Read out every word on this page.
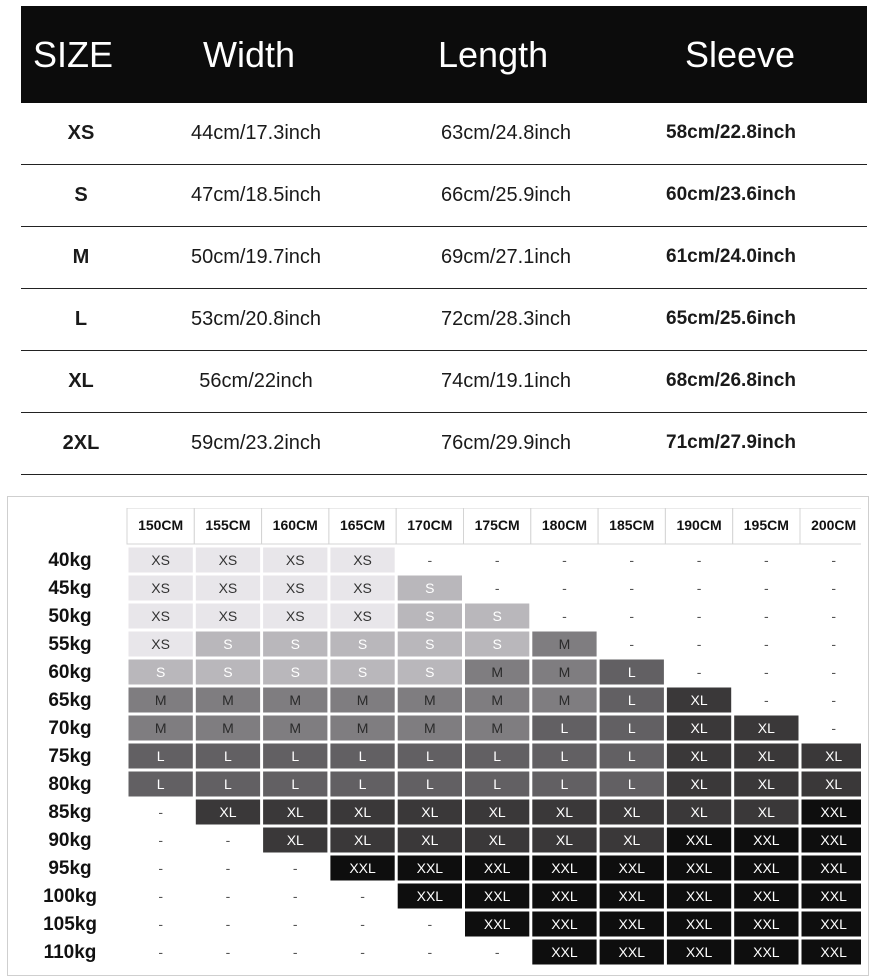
SIZE Width	Length	Sleeve
XS	44cm/17.3inch	63cm/24.8inch	58cm/22.8inch
S	47cm/18.5inch	66cm/25.9inch	60cm/23.6inch
M	50cm/19.7inch	69cm/27.1inch	61cm/24.0inch
L	53cm/20.8inch	72cm/28.3inch	65cm/25.6inch
XL	56cm/22inch	74cm/19.1inch	68cm/26.8inch
2XL	59cm/23.2inch	76cm/29.9inch	71cm/27.9inch
150CM 155CM 160CM 165CM 170CM 175CM 180CM 185CM 190CM 195CM 200CM
40kg	XS	XS	XS	XS	-	-	-	-	-	-	-
45kg	XS	XS	XS	XS	S	-	-	-	-	-	-
50kg	XS	XS	XS	XS	S	S	-	-	-	-	-
55kg	XS	S	S	S	S	S	M	-	-	-	-
60kg	S	S	S	S	S	M	M	L	-	-	-
65kg	M	M	M	M	M	M	M	L	XL	-	-
70kg	M	M	M	M	M	M	L	L	XL	XL	-
75kg	L	L	L	L	L	L	L	L	XL	XL	XL
80kg	L	L	L	L	L	L	L	L	XL	XL	XL
85kg	-	XL	XL	XL	XL	XL	XL	XL	XL	XL	XXL
90kg	-	-	XL	XL	XL	XL	XL	XL	XXL	XXL	XXL
95kg	-	-	-	XXL	XXL	XXL	XXL	XXL	XXL	XXL	XXL
100kg	-	-	-	-	XXL	XXL	XXL	XXL	XXL	XXL	XXL
105kg	-	-	-	-	-	XXL	XXL	XXL	XXL	XXL	XXL
110kg	-	-	-	-	-	-	XXL	XXL	XXL	XXL	XXL
